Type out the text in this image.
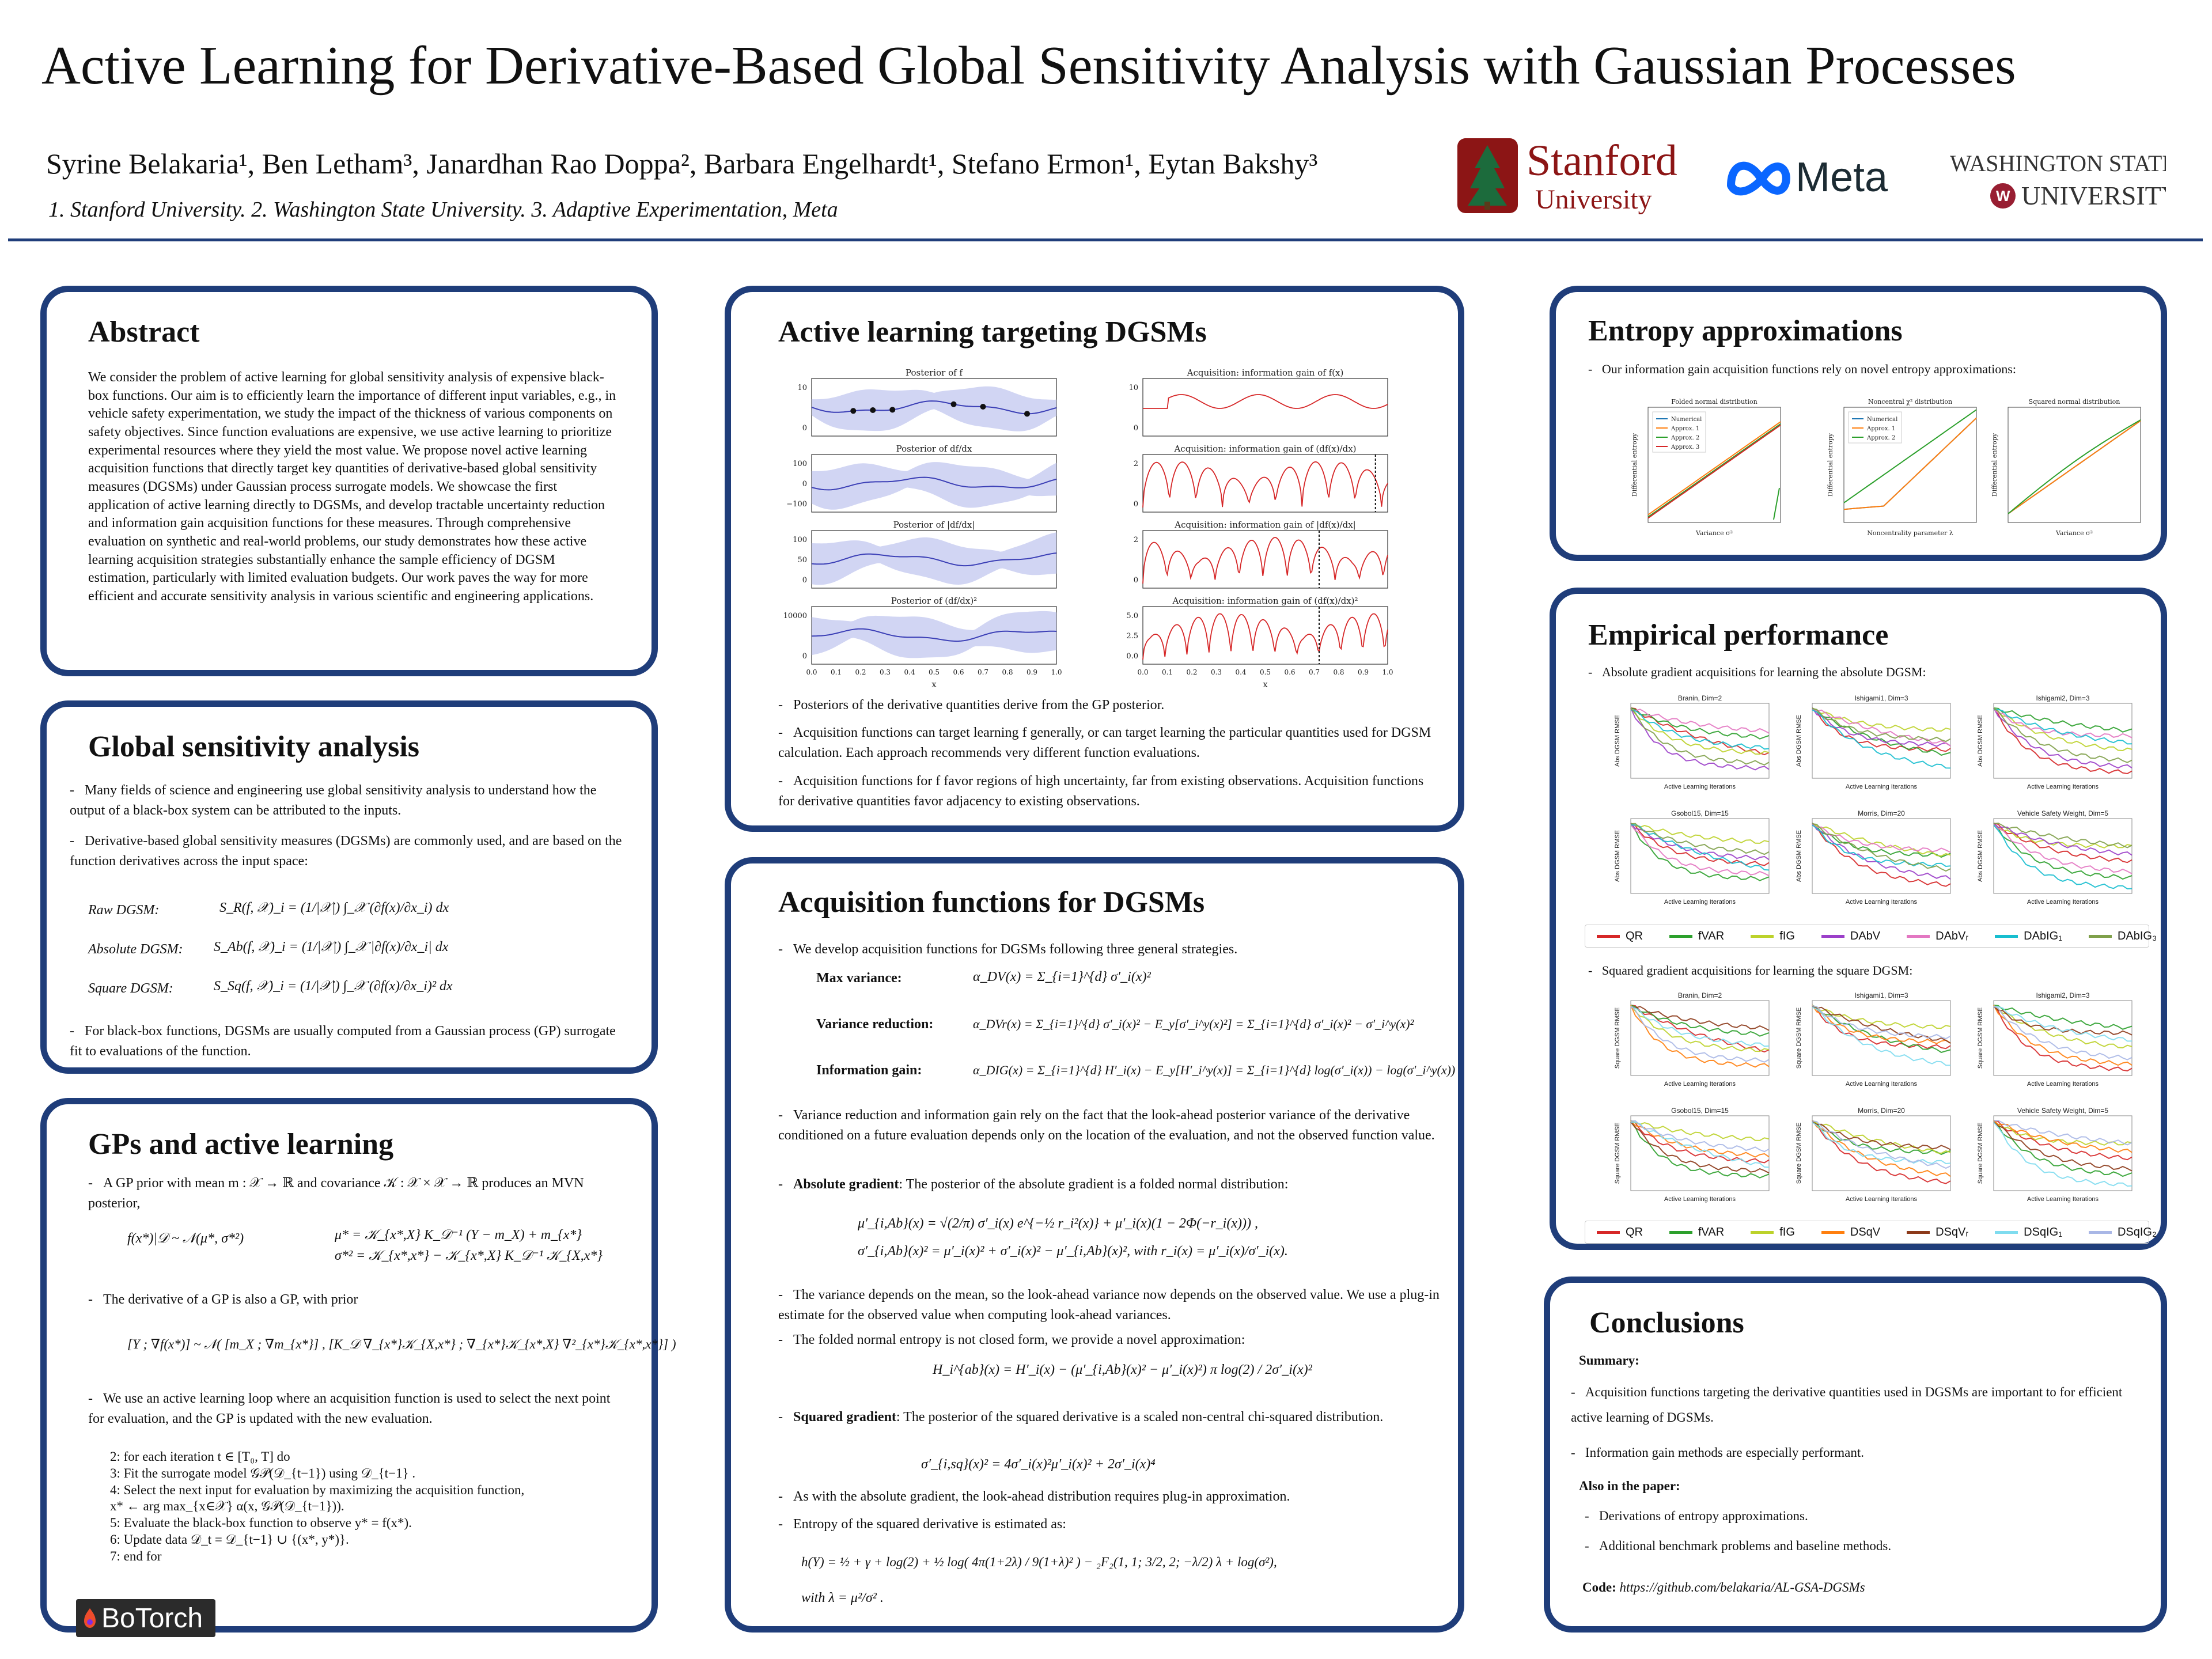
Active Learning for Derivative-Based Global Sensitivity Analysis with Gaussian Processes
Syrine Belakaria¹, Ben Letham³, Janardhan Rao Doppa², Barbara Engelhardt¹, Stefano Ermon¹, Eytan Bakshy³
1. Stanford University. 2. Washington State University. 3. Adaptive Experimentation, Meta
Stanford
University	Meta	WASHINGTON STATE
W UNIVERSITY
Abstract
We consider the problem of active learning for global sensitivity analysis of expensive black-box functions. Our aim is to efficiently learn the importance of different input variables, e.g., in vehicle safety experimentation, we study the impact of the thickness of various components on safety objectives. Since function evaluations are expensive, we use active learning to prioritize experimental resources where they yield the most value. We propose novel active learning acquisition functions that directly target key quantities of derivative-based global sensitivity measures (DGSMs) under Gaussian process surrogate models. We showcase the first application of active learning directly to DGSMs, and develop tractable uncertainty reduction and information gain acquisition functions for these measures. Through comprehensive evaluation on synthetic and real-world problems, our study demonstrates how these active learning acquisition strategies substantially enhance the sample efficiency of DGSM estimation, particularly with limited evaluation budgets. Our work paves the way for more efficient and accurate sensitivity analysis in various scientific and engineering applications.
Global sensitivity analysis
-   Many fields of science and engineering use global sensitivity analysis to understand how the output of a black-box system can be attributed to the inputs.
-   Derivative-based global sensitivity measures (DGSMs) are commonly used, and are based on the function derivatives across the input space:
Raw DGSM:	S_R(f, 𝒳)_i = (1/|𝒳|) ∫_𝒳 (∂f(x)/∂x_i) dx
Absolute DGSM: S_Ab(f, 𝒳)_i = (1/|𝒳|) ∫_𝒳 |∂f(x)/∂x_i| dx
Square DGSM:	S_Sq(f, 𝒳)_i = (1/|𝒳|) ∫_𝒳 (∂f(x)/∂x_i)² dx
-   For black-box functions, DGSMs are usually computed from a Gaussian process (GP) surrogate fit to evaluations of the function.
GPs and active learning
-   A GP prior with mean m : 𝒳 → ℝ and covariance 𝒦 : 𝒳 × 𝒳 → ℝ produces an MVN posterior,
f(x*)|𝒟 ~ 𝒩(μ*, σ*²)	μ* = 𝒦_{x*,X} K_𝒟⁻¹ (Y − m_X) + m_{x*}
σ*² = 𝒦_{x*,x*} − 𝒦_{x*,X} K_𝒟⁻¹ 𝒦_{X,x*}
-   The derivative of a GP is also a GP, with prior
[Y ; ∇f(x*)] ~ 𝒩( [m_X ; ∇m_{x*}] , [K_𝒟 ∇_{x*}𝒦_{X,x*} ; ∇_{x*}𝒦_{x*,X} ∇²_{x*}𝒦_{x*,x*}] )
-   We use an active learning loop where an acquisition function is used to select the next point for evaluation, and the GP is updated with the new evaluation.
2: for each iteration t ∈ [T₀, T] do
3: Fit the surrogate model 𝒢𝒫(𝒟_{t−1}) using 𝒟_{t−1} .
4: Select the next input for evaluation by maximizing the acquisition function,
x* ← arg max_{x∈𝒳} α(x, 𝒢𝒫(𝒟_{t−1})).
5: Evaluate the black-box function to observe y* = f(x*).
6: Update data 𝒟_t = 𝒟_{t−1} ∪ {(x*, y*)}.
7: end for
BoTorch
Active learning targeting DGSMs
Posterior of f
10
0
Acquisition: information gain of f(x)
10
0
Posterior of df/dx
100
0
−100
Acquisition: information gain of (df(x)/dx)
2
0
Posterior of |df/dx|
100
50
0
Acquisition: information gain of |df(x)/dx|
2
0
Posterior of (df/dx)²
10000
0
0.0 0.1 0.2 0.3 0.4 0.5 0.6 0.7 0.8 0.9 1.0
x
Acquisition: information gain of (df(x)/dx)²
5.0
2.5
0.0
0.0 0.1 0.2 0.3 0.4 0.5 0.6 0.7 0.8 0.9 1.0
x
-   Posteriors of the derivative quantities derive from the GP posterior.
-   Acquisition functions can target learning f generally, or can target learning the particular quantities used for DGSM calculation. Each approach recommends very different function evaluations.
-   Acquisition functions for f favor regions of high uncertainty, far from existing observations. Acquisition functions for derivative quantities favor adjacency to existing observations.
Acquisition functions for DGSMs
-   We develop acquisition functions for DGSMs following three general strategies.
Max variance:	α_DV(x) = Σ_{i=1}^{d} σ′_i(x)²
Variance reduction:	α_DVr(x) = Σ_{i=1}^{d} σ′_i(x)² − E_y[σ′_i^y(x)²] = Σ_{i=1}^{d} σ′_i(x)² − σ′_i^y(x)²
Information gain:	α_DIG(x) = Σ_{i=1}^{d} H′_i(x) − E_y[H′_i^y(x)] = Σ_{i=1}^{d} log(σ′_i(x)) − log(σ′_i^y(x))
-   Variance reduction and information gain rely on the fact that the look-ahead posterior variance of the derivative conditioned on a future evaluation depends only on the location of the evaluation, and not the observed function value.
-   Absolute gradient: The posterior of the absolute gradient is a folded normal distribution:
μ′_{i,Ab}(x) = √(2/π) σ′_i(x) e^{−½ r_i²(x)} + μ′_i(x)(1 − 2Φ(−r_i(x))) ,
σ′_{i,Ab}(x)² = μ′_i(x)² + σ′_i(x)² − μ′_{i,Ab}(x)², with r_i(x) = μ′_i(x)/σ′_i(x).
-   The variance depends on the mean, so the look-ahead variance now depends on the observed value. We use a plug-in estimate for the observed value when computing look-ahead variances.
-   The folded normal entropy is not closed form, we provide a novel approximation:
H_i^{ab}(x) = H′_i(x) − (μ′_{i,Ab}(x)² − μ′_i(x)²) π log(2) / 2σ′_i(x)²
-   Squared gradient: The posterior of the squared derivative is a scaled non-central chi-squared distribution.
σ′_{i,sq}(x)² = 4σ′_i(x)²μ′_i(x)² + 2σ′_i(x)⁴
-   As with the absolute gradient, the look-ahead distribution requires plug-in approximation.
-   Entropy of the squared derivative is estimated as:
h(Y) = ½ + γ + log(2) + ½ log( 4π(1+2λ) / 9(1+λ)² ) − ₂F₂(1, 1; 3/2, 2; −λ/2) λ + log(σ²),
with λ = μ²/σ² .
Entropy approximations
-   Our information gain acquisition functions rely on novel entropy approximations:
Folded normal distribution
Variance σ²
Differential entropy
Numerical
Approx. 1
Approx. 2
Approx. 3
Noncentral χ² distribution
Noncentrality parameter λ
Differential entropy
Numerical
Approx. 1
Approx. 2
Squared normal distribution
Variance σ²
Differential entropy
Empirical performance
-   Absolute gradient acquisitions for learning the absolute DGSM:
Branin, Dim=2
Active Learning Iterations
Abs DGSM RMSE
Ishigami1, Dim=3
Active Learning Iterations
Abs DGSM RMSE
Ishigami2, Dim=3
Active Learning Iterations
Abs DGSM RMSE
Gsobol15, Dim=15
Active Learning Iterations
Abs DGSM RMSE
Morris, Dim=20
Active Learning Iterations
Abs DGSM RMSE
Vehicle Safety Weight, Dim=5
Active Learning Iterations
Abs DGSM RMSE
QR	fVAR	fIG	DAbV	DAbVᵣ	DAbIG₁	DAbIG₃
-   Squared gradient acquisitions for learning the square DGSM:
Branin, Dim=2
Active Learning Iterations
Square DGSM RMSE
Ishigami1, Dim=3
Active Learning Iterations
Square DGSM RMSE
Ishigami2, Dim=3
Active Learning Iterations
Square DGSM RMSE
Gsobol15, Dim=15
Active Learning Iterations
Square DGSM RMSE
Morris, Dim=20
Active Learning Iterations
Square DGSM RMSE
Vehicle Safety Weight, Dim=5
Active Learning Iterations
Square DGSM RMSE
QR	fVAR	fIG	DSqV	DSqVᵣ	DSqIG₁	DSqIG₂
Conclusions
Summary:
-   Acquisition functions targeting the derivative quantities used in DGSMs are important to for efficient active learning of DGSMs.
-   Information gain methods are especially performant.
Also in the paper:
-   Derivations of entropy approximations.
-   Additional benchmark problems and baseline methods.
Code: https://github.com/belakaria/AL-GSA-DGSMs
